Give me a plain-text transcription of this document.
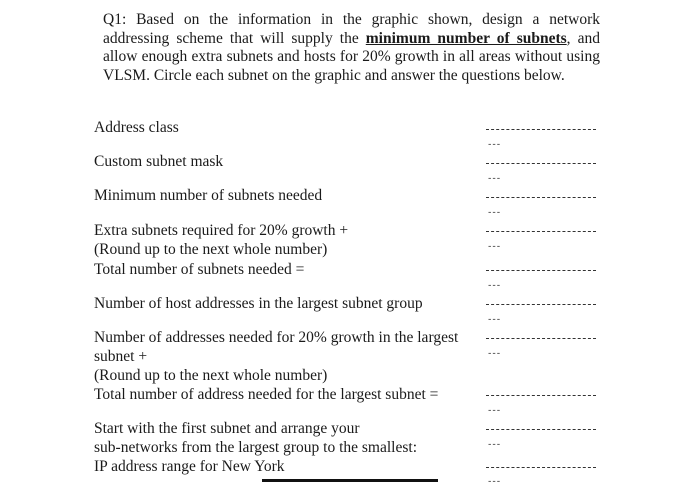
Q1: Based on the information in the graphic shown, design a network addressing scheme that will supply the minimum number of subnets, and allow enough extra subnets and hosts for 20% growth in all areas without using VLSM. Circle each subnet on the graphic and answer the questions below.
Address class
---
Custom subnet mask
---
Minimum number of subnets needed
---
Extra subnets required for 20% growth +
---
(Round up to the next whole number)
Total number of subnets needed =
---
Number of host addresses in the largest subnet group
---
Number of addresses needed for 20% growth in the largest
---
subnet +
(Round up to the next whole number)
Total number of address needed for the largest subnet =
---
Start with the first subnet and arrange your
---
sub-networks from the largest group to the smallest:
IP address range for New York
---
